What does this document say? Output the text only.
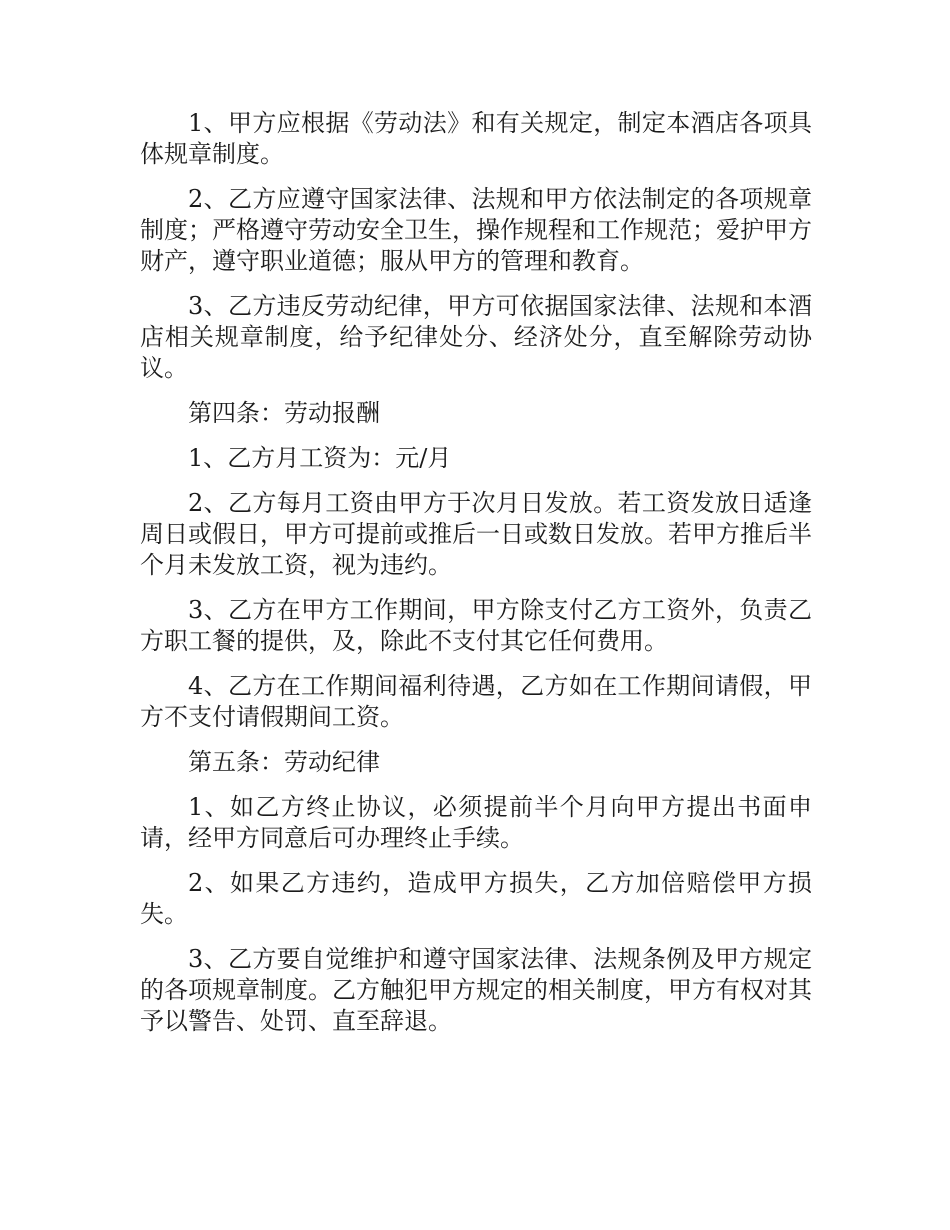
1、甲方应根据《劳动法》和有关规定，制定本酒店各项具体规章制度。

2、乙方应遵守国家法律、法规和甲方依法制定的各项规章制度；严格遵守劳动安全卫生，操作规程和工作规范；爱护甲方财产，遵守职业道德；服从甲方的管理和教育。

3、乙方违反劳动纪律，甲方可依据国家法律、法规和本酒店相关规章制度，给予纪律处分、经济处分，直至解除劳动协议。

第四条：劳动报酬

1、乙方月工资为：元/月

2、乙方每月工资由甲方于次月日发放。若工资发放日适逢周日或假日，甲方可提前或推后一日或数日发放。若甲方推后半个月未发放工资，视为违约。

3、乙方在甲方工作期间，甲方除支付乙方工资外，负责乙方职工餐的提供，及，除此不支付其它任何费用。

4、乙方在工作期间福利待遇，乙方如在工作期间请假，甲方不支付请假期间工资。

第五条：劳动纪律

1、如乙方终止协议，必须提前半个月向甲方提出书面申请，经甲方同意后可办理终止手续。

2、如果乙方违约，造成甲方损失，乙方加倍赔偿甲方损失。

3、乙方要自觉维护和遵守国家法律、法规条例及甲方规定的各项规章制度。乙方触犯甲方规定的相关制度，甲方有权对其予以警告、处罚、直至辞退。
